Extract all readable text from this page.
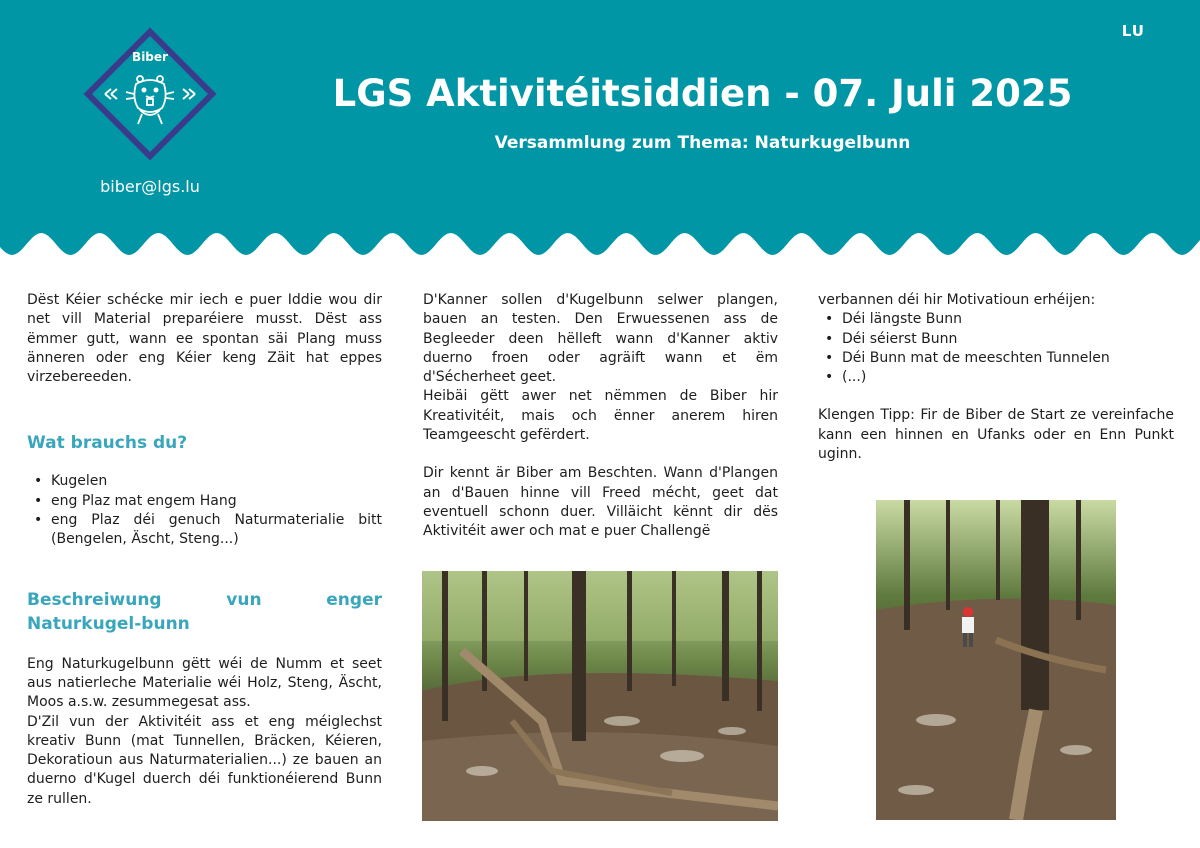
LU
Biber
biber@lgs.lu
LGS Aktivitéitsiddien - 07. Juli 2025
Versammlung zum Thema: Naturkugelbunn

Dëst Kéier schécke mir iech e puer Iddie wou dir net vill Material preparéiere musst. Dëst ass ëmmer gutt, wann ee spontan säi Plang muss änneren oder eng Kéier keng Zäit hat eppes virzebereeden.

Wat brauchs du?
• Kugelen
• eng Plaz mat engem Hang
• eng Plaz déi genuch Naturmaterialie bitt (Bengelen, Äscht, Steng...)
Beschreiwung vun enger Naturkugel-bunn

Eng Naturkugelbunn gëtt wéi de Numm et seet aus natierleche Materialie wéi Holz, Steng, Äscht, Moos a.s.w. zesummegesat ass.

D'Zil vun der Aktivitéit ass et eng méiglechst kreativ Bunn (mat Tunnellen, Bräcken, Kéieren, Dekoratioun aus Naturmaterialien...) ze bauen an duerno d'Kugel duerch déi funktionéierend Bunn ze rullen.

D'Kanner sollen d'Kugelbunn selwer plangen, bauen an testen. Den Erwuessenen ass de Begleeder deen hëlleft wann d'Kanner aktiv duerno froen oder agräift wann et ëm d'Sécherheet geet.

Heibäi gëtt awer net nëmmen de Biber hir Kreativitéit, mais och ënner anerem hiren Teamgeescht gefërdert.

Dir kennt är Biber am Beschten. Wann d'Plangen an d'Bauen hinne vill Freed mécht, geet dat eventuell schonn duer. Villäicht kënnt dir dës Aktivitéit awer och mat e puer Challengë

verbannen déi hir Motivatioun erhéijen:

• Déi längste Bunn
• Déi séierst Bunn
• Déi Bunn mat de meeschten Tunnelen
• (...)

Klengen Tipp: Fir de Biber de Start ze vereinfache kann een hinnen en Ufanks oder en Enn Punkt uginn.
